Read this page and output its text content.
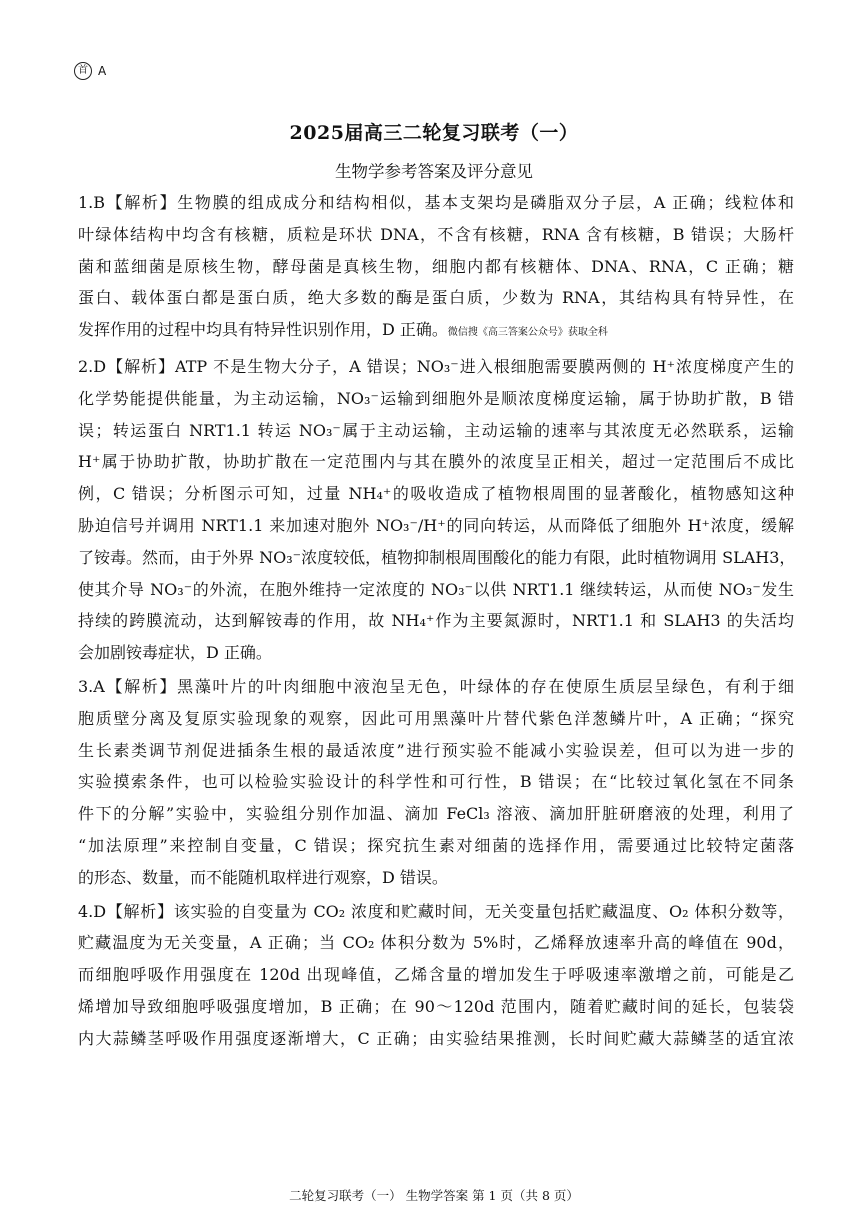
首 A
2025届高三二轮复习联考（一）
生物学参考答案及评分意见
1.B【解析】生物膜的组成成分和结构相似，基本支架均是磷脂双分子层，A 正确；线粒体和
叶绿体结构中均含有核糖，质粒是环状 DNA，不含有核糖，RNA 含有核糖，B 错误；大肠杆
菌和蓝细菌是原核生物，酵母菌是真核生物，细胞内都有核糖体、DNA、RNA，C 正确；糖
蛋白、载体蛋白都是蛋白质，绝大多数的酶是蛋白质，少数为 RNA，其结构具有特异性，在
发挥作用的过程中均具有特异性识别作用，D 正确。微信搜《高三答案公众号》获取全科
2.D【解析】ATP 不是生物大分子，A 错误；NO₃⁻进入根细胞需要膜两侧的 H⁺浓度梯度产生的
化学势能提供能量，为主动运输，NO₃⁻运输到细胞外是顺浓度梯度运输，属于协助扩散，B 错
误；转运蛋白 NRT1.1 转运 NO₃⁻属于主动运输，主动运输的速率与其浓度无必然联系，运输
H⁺属于协助扩散，协助扩散在一定范围内与其在膜外的浓度呈正相关，超过一定范围后不成比
例，C 错误；分析图示可知，过量 NH₄⁺的吸收造成了植物根周围的显著酸化，植物感知这种
胁迫信号并调用 NRT1.1 来加速对胞外 NO₃⁻/H⁺的同向转运，从而降低了细胞外 H⁺浓度，缓解
了铵毒。然而，由于外界 NO₃⁻浓度较低，植物抑制根周围酸化的能力有限，此时植物调用 SLAH3，
使其介导 NO₃⁻的外流，在胞外维持一定浓度的 NO₃⁻以供 NRT1.1 继续转运，从而使 NO₃⁻发生
持续的跨膜流动，达到解铵毒的作用，故 NH₄⁺作为主要氮源时，NRT1.1 和 SLAH3 的失活均
会加剧铵毒症状，D 正确。
3.A【解析】黑藻叶片的叶肉细胞中液泡呈无色，叶绿体的存在使原生质层呈绿色，有利于细
胞质壁分离及复原实验现象的观察，因此可用黑藻叶片替代紫色洋葱鳞片叶，A 正确；“探究
生长素类调节剂促进插条生根的最适浓度”进行预实验不能减小实验误差，但可以为进一步的
实验摸索条件，也可以检验实验设计的科学性和可行性，B 错误；在“比较过氧化氢在不同条
件下的分解”实验中，实验组分别作加温、滴加 FeCl₃ 溶液、滴加肝脏研磨液的处理，利用了
“加法原理”来控制自变量，C 错误；探究抗生素对细菌的选择作用，需要通过比较特定菌落
的形态、数量，而不能随机取样进行观察，D 错误。
4.D【解析】该实验的自变量为 CO₂ 浓度和贮藏时间，无关变量包括贮藏温度、O₂ 体积分数等，
贮藏温度为无关变量，A 正确；当 CO₂ 体积分数为 5%时，乙烯释放速率升高的峰值在 90d，
而细胞呼吸作用强度在 120d 出现峰值，乙烯含量的增加发生于呼吸速率激增之前，可能是乙
烯增加导致细胞呼吸强度增加，B 正确；在 90～120d 范围内，随着贮藏时间的延长，包装袋
内大蒜鳞茎呼吸作用强度逐渐增大，C 正确；由实验结果推测，长时间贮藏大蒜鳞茎的适宜浓
二轮复习联考（一） 生物学答案 第 1 页（共 8 页）
